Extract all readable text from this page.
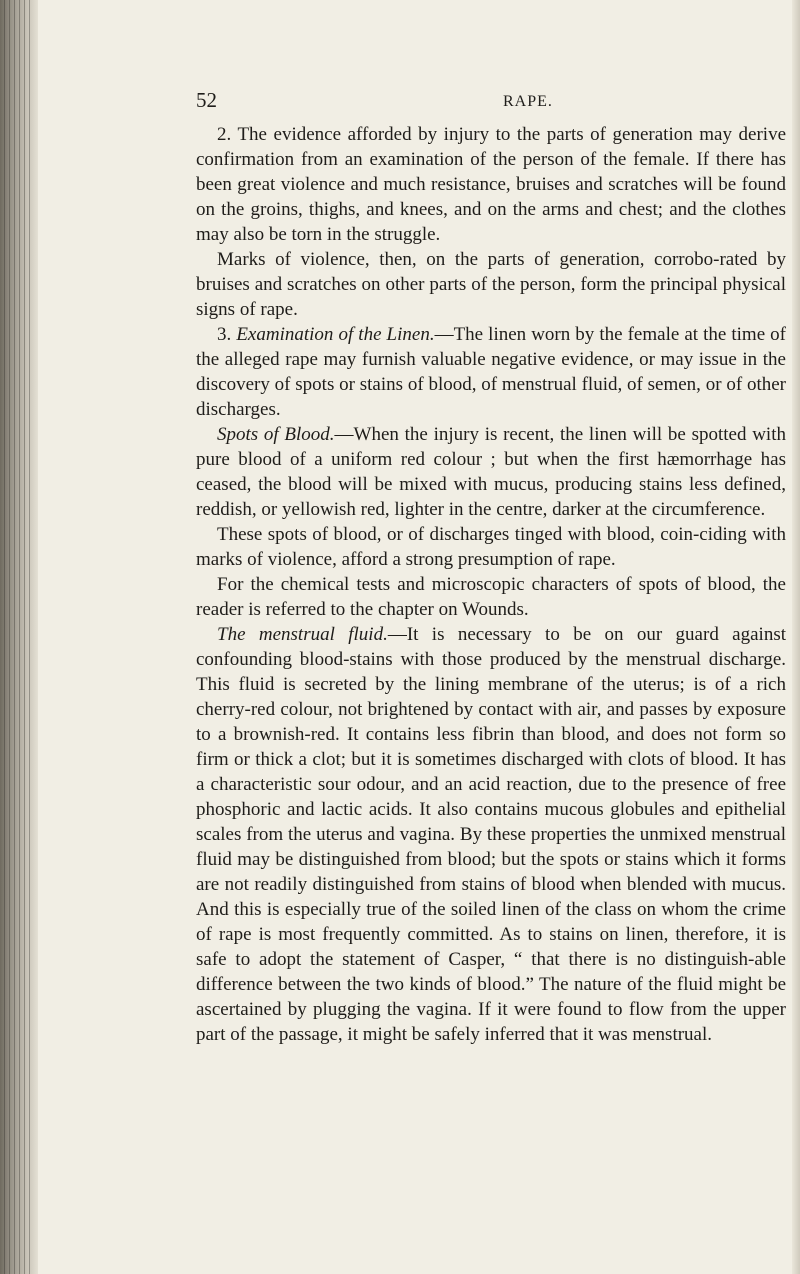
52	RAPE.

2. The evidence afforded by injury to the parts of generation may derive confirmation from an examination of the person of the female. If there has been great violence and much resistance, bruises and scratches will be found on the groins, thighs, and knees, and on the arms and chest; and the clothes may also be torn in the struggle.

Marks of violence, then, on the parts of generation, corrobo-rated by bruises and scratches on other parts of the person, form the principal physical signs of rape.

3. Examination of the Linen.—The linen worn by the female at the time of the alleged rape may furnish valuable negative evidence, or may issue in the discovery of spots or stains of blood, of menstrual fluid, of semen, or of other discharges.

Spots of Blood.—When the injury is recent, the linen will be spotted with pure blood of a uniform red colour ; but when the first hæmorrhage has ceased, the blood will be mixed with mucus, producing stains less defined, reddish, or yellowish red, lighter in the centre, darker at the circumference.

These spots of blood, or of discharges tinged with blood, coin-ciding with marks of violence, afford a strong presumption of rape.

For the chemical tests and microscopic characters of spots of blood, the reader is referred to the chapter on Wounds.

The menstrual fluid.—It is necessary to be on our guard against confounding blood-stains with those produced by the menstrual discharge. This fluid is secreted by the lining membrane of the uterus; is of a rich cherry-red colour, not brightened by contact with air, and passes by exposure to a brownish-red. It contains less fibrin than blood, and does not form so firm or thick a clot; but it is sometimes discharged with clots of blood. It has a characteristic sour odour, and an acid reaction, due to the presence of free phosphoric and lactic acids. It also contains mucous globules and epithelial scales from the uterus and vagina. By these properties the unmixed menstrual fluid may be distinguished from blood; but the spots or stains which it forms are not readily distinguished from stains of blood when blended with mucus. And this is especially true of the soiled linen of the class on whom the crime of rape is most frequently committed. As to stains on linen, therefore, it is safe to adopt the statement of Casper, “ that there is no distinguish-able difference between the two kinds of blood.” The nature of the fluid might be ascertained by plugging the vagina. If it were found to flow from the upper part of the passage, it might be safely inferred that it was menstrual.
